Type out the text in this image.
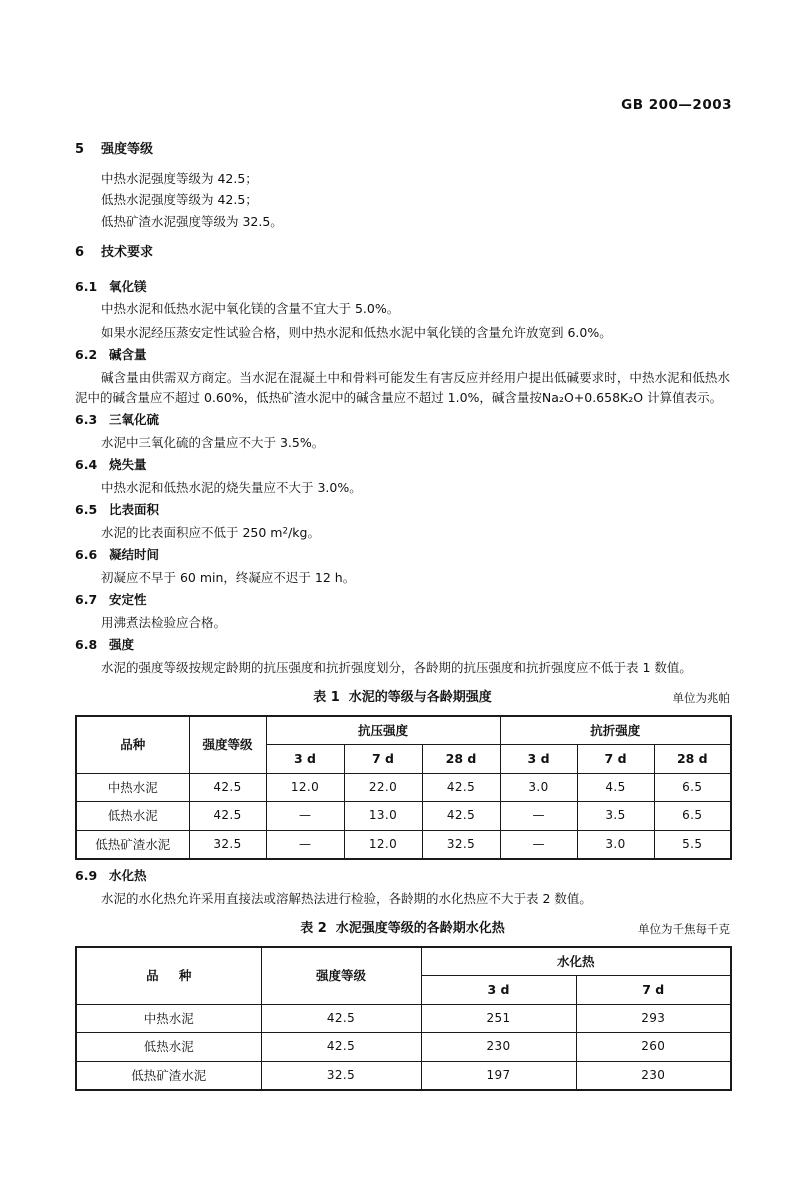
GB 200—2003
5 强度等级
中热水泥强度等级为 42.5；
低热水泥强度等级为 42.5；
低热矿渣水泥强度等级为 32.5。
6 技术要求
6.1 氧化镁
中热水泥和低热水泥中氧化镁的含量不宜大于 5.0%。
如果水泥经压蒸安定性试验合格，则中热水泥和低热水泥中氧化镁的含量允许放宽到 6.0%。
6.2 碱含量
碱含量由供需双方商定。当水泥在混凝土中和骨料可能发生有害反应并经用户提出低碱要求时，中热水泥和低热水泥中的碱含量应不超过 0.60%，低热矿渣水泥中的碱含量应不超过 1.0%，碱含量按Na₂O+0.658K₂O 计算值表示。
6.3 三氧化硫
水泥中三氧化硫的含量应不大于 3.5%。
6.4 烧失量
中热水泥和低热水泥的烧失量应不大于 3.0%。
6.5 比表面积
水泥的比表面积应不低于 250 $m^2/kg$。
6.6 凝结时间
初凝应不早于 60 min，终凝应不迟于 12 h。
6.7 安定性
用沸煮法检验应合格。
6.8 强度
水泥的强度等级按规定龄期的抗压强度和抗折强度划分，各龄期的抗压强度和抗折强度应不低于表 1 数值。
表 1 水泥的等级与各龄期强度	单位为兆帕
品种	强度等级	抗压强度			抗折强度		
		3 d	7 d	28 d	3 d	7 d	28 d
中热水泥	42.5	12.0	22.0	42.5	3.0	4.5	6.5
低热水泥	42.5	—	13.0	42.5	—	3.5	6.5
低热矿渣水泥	32.5	—	12.0	32.5	—	3.0	5.5
6.9 水化热
水泥的水化热允许采用直接法或溶解热法进行检验，各龄期的水化热应不大于表 2 数值。
表 2 水泥强度等级的各龄期水化热	单位为千焦每千克
品 种	强度等级	水化热	
		3 d	7 d
中热水泥	42.5	251	293
低热水泥	42.5	230	260
低热矿渣水泥	32.5	197	230
